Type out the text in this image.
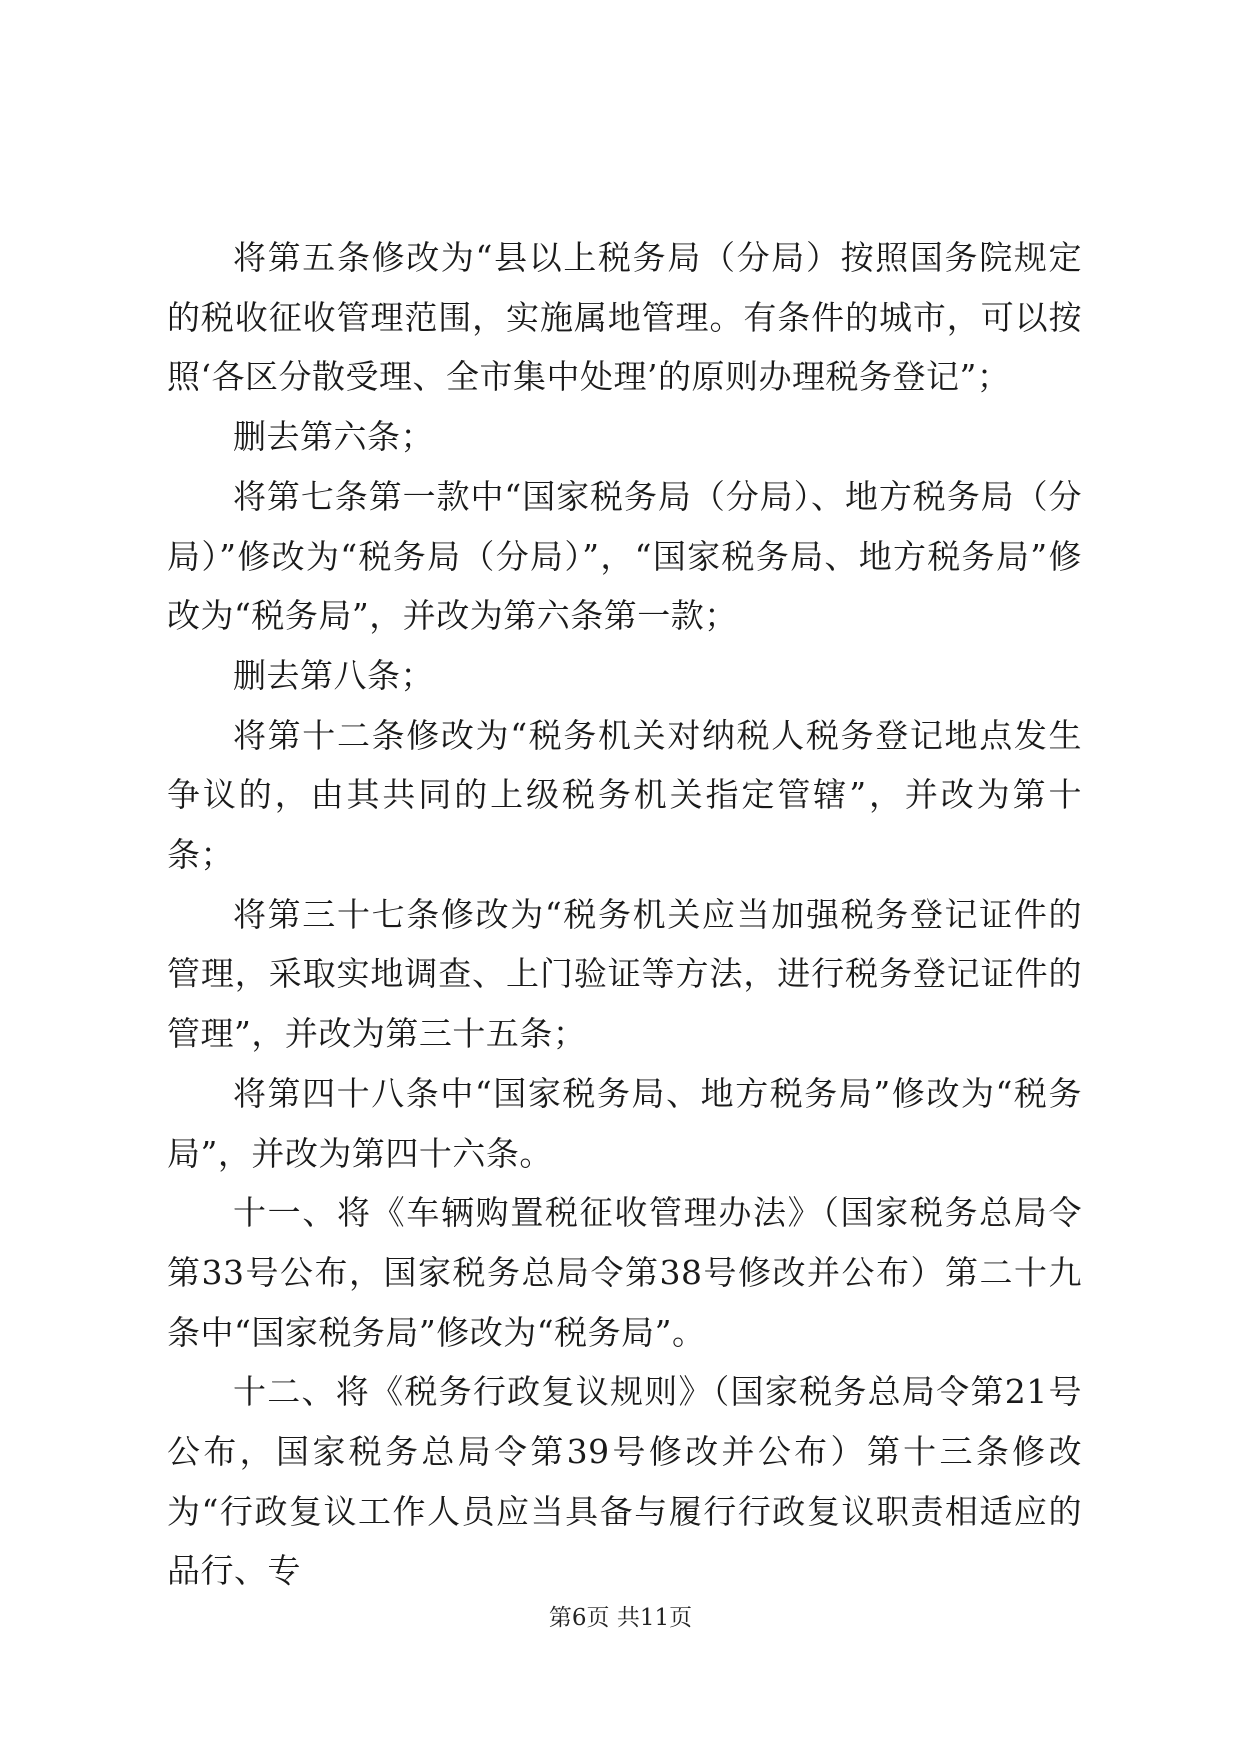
将第五条修改为“县以上税务局（分局）按照国务院规定的税收征收管理范围，实施属地管理。有条件的城市，可以按照‘各区分散受理、全市集中处理’的原则办理税务登记”；

删去第六条；

将第七条第一款中“国家税务局（分局）、地方税务局（分局）”修改为“税务局（分局）”，“国家税务局、地方税务局”修改为“税务局”，并改为第六条第一款；

删去第八条；

将第十二条修改为“税务机关对纳税人税务登记地点发生争议的，由其共同的上级税务机关指定管辖”，并改为第十条；

将第三十七条修改为“税务机关应当加强税务登记证件的管理，采取实地调查、上门验证等方法，进行税务登记证件的管理”，并改为第三十五条；

将第四十八条中“国家税务局、地方税务局”修改为“税务局”，并改为第四十六条。

十一、将《车辆购置税征收管理办法》（国家税务总局令第33号公布，国家税务总局令第38号修改并公布）第二十九条中“国家税务局”修改为“税务局”。

十二、将《税务行政复议规则》（国家税务总局令第21号公布，国家税务总局令第39号修改并公布）第十三条修改为“行政复议工作人员应当具备与履行行政复议职责相适应的品行、专

第6页 共11页
